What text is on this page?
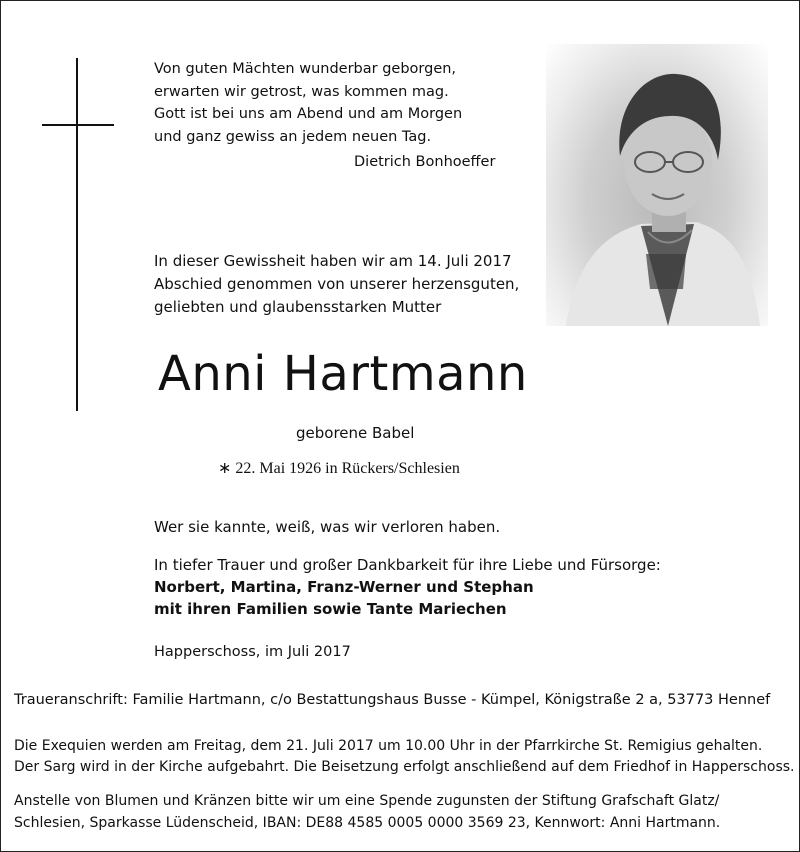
Von guten Mächten wunderbar geborgen,
erwarten wir getrost, was kommen mag.
Gott ist bei uns am Abend und am Morgen
und ganz gewiss an jedem neuen Tag.
Dietrich Bonhoeffer
In dieser Gewissheit haben wir am 14. Juli 2017
Abschied genommen von unserer herzensguten,
geliebten und glaubensstarken Mutter
Anni Hartmann
geborene Babel
∗ 22. Mai 1926 in Rückers/Schlesien
Wer sie kannte, weiß, was wir verloren haben.
In tiefer Trauer und großer Dankbarkeit für ihre Liebe und Fürsorge:
Norbert, Martina, Franz-Werner und Stephan
mit ihren Familien sowie Tante Mariechen
Happerschoss, im Juli 2017
Traueranschrift: Familie Hartmann, c/o Bestattungshaus Busse - Kümpel, Königstraße 2 a, 53773 Hennef
Die Exequien werden am Freitag, dem 21. Juli 2017 um 10.00 Uhr in der Pfarrkirche St. Remigius gehalten.
Der Sarg wird in der Kirche aufgebahrt. Die Beisetzung erfolgt anschließend auf dem Friedhof in Happerschoss.
Anstelle von Blumen und Kränzen bitte wir um eine Spende zugunsten der Stiftung Grafschaft Glatz/
Schlesien, Sparkasse Lüdenscheid, IBAN: DE88 4585 0005 0000 3569 23, Kennwort: Anni Hartmann.
